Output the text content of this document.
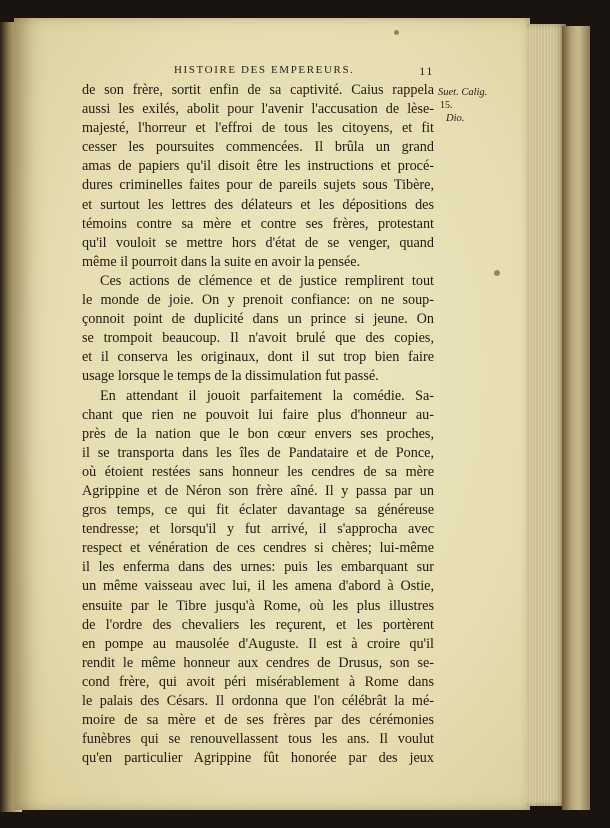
HISTOIRE DES EMPEREURS.	11
Suet. Calig.
15.
Dio.
de son frère, sortit enfin de sa captivité. Caius rappela
aussi les exilés, abolit pour l'avenir l'accusation de lèse-
majesté, l'horreur et l'effroi de tous les citoyens, et fit
cesser les poursuites commencées. Il brûla un grand
amas de papiers qu'il disoit être les instructions et procé-
dures criminelles faites pour de pareils sujets sous Tibère,
et surtout les lettres des délateurs et les dépositions des
témoins contre sa mère et contre ses frères, protestant
qu'il vouloit se mettre hors d'état de se venger, quand
même il pourroit dans la suite en avoir la pensée.
Ces actions de clémence et de justice remplirent tout
le monde de joie. On y prenoit confiance: on ne soup-
çonnoit point de duplicité dans un prince si jeune. On
se trompoit beaucoup. Il n'avoit brulé que des copies,
et il conserva les originaux, dont il sut trop bien faire
usage lorsque le temps de la dissimulation fut passé.
En attendant il jouoit parfaitement la comédie. Sa-
chant que rien ne pouvoit lui faire plus d'honneur au-
près de la nation que le bon cœur envers ses proches,
il se transporta dans les îles de Pandataire et de Ponce,
où étoient restées sans honneur les cendres de sa mère
Agrippine et de Néron son frère aîné. Il y passa par un
gros temps, ce qui fit éclater davantage sa généreuse
tendresse; et lorsqu'il y fut arrivé, il s'approcha avec
respect et vénération de ces cendres si chères; lui-même
il les enferma dans des urnes: puis les embarquant sur
un même vaisseau avec lui, il les amena d'abord à Ostie,
ensuite par le Tibre jusqu'à Rome, où les plus illustres
de l'ordre des chevaliers les reçurent, et les portèrent
en pompe au mausolée d'Auguste. Il est à croire qu'il
rendit le même honneur aux cendres de Drusus, son se-
cond frère, qui avoit péri misérablement à Rome dans
le palais des Césars. Il ordonna que l'on célébrât la mé-
moire de sa mère et de ses frères par des cérémonies
funèbres qui se renouvellassent tous les ans. Il voulut
qu'en particulier Agrippine fût honorée par des jeux
